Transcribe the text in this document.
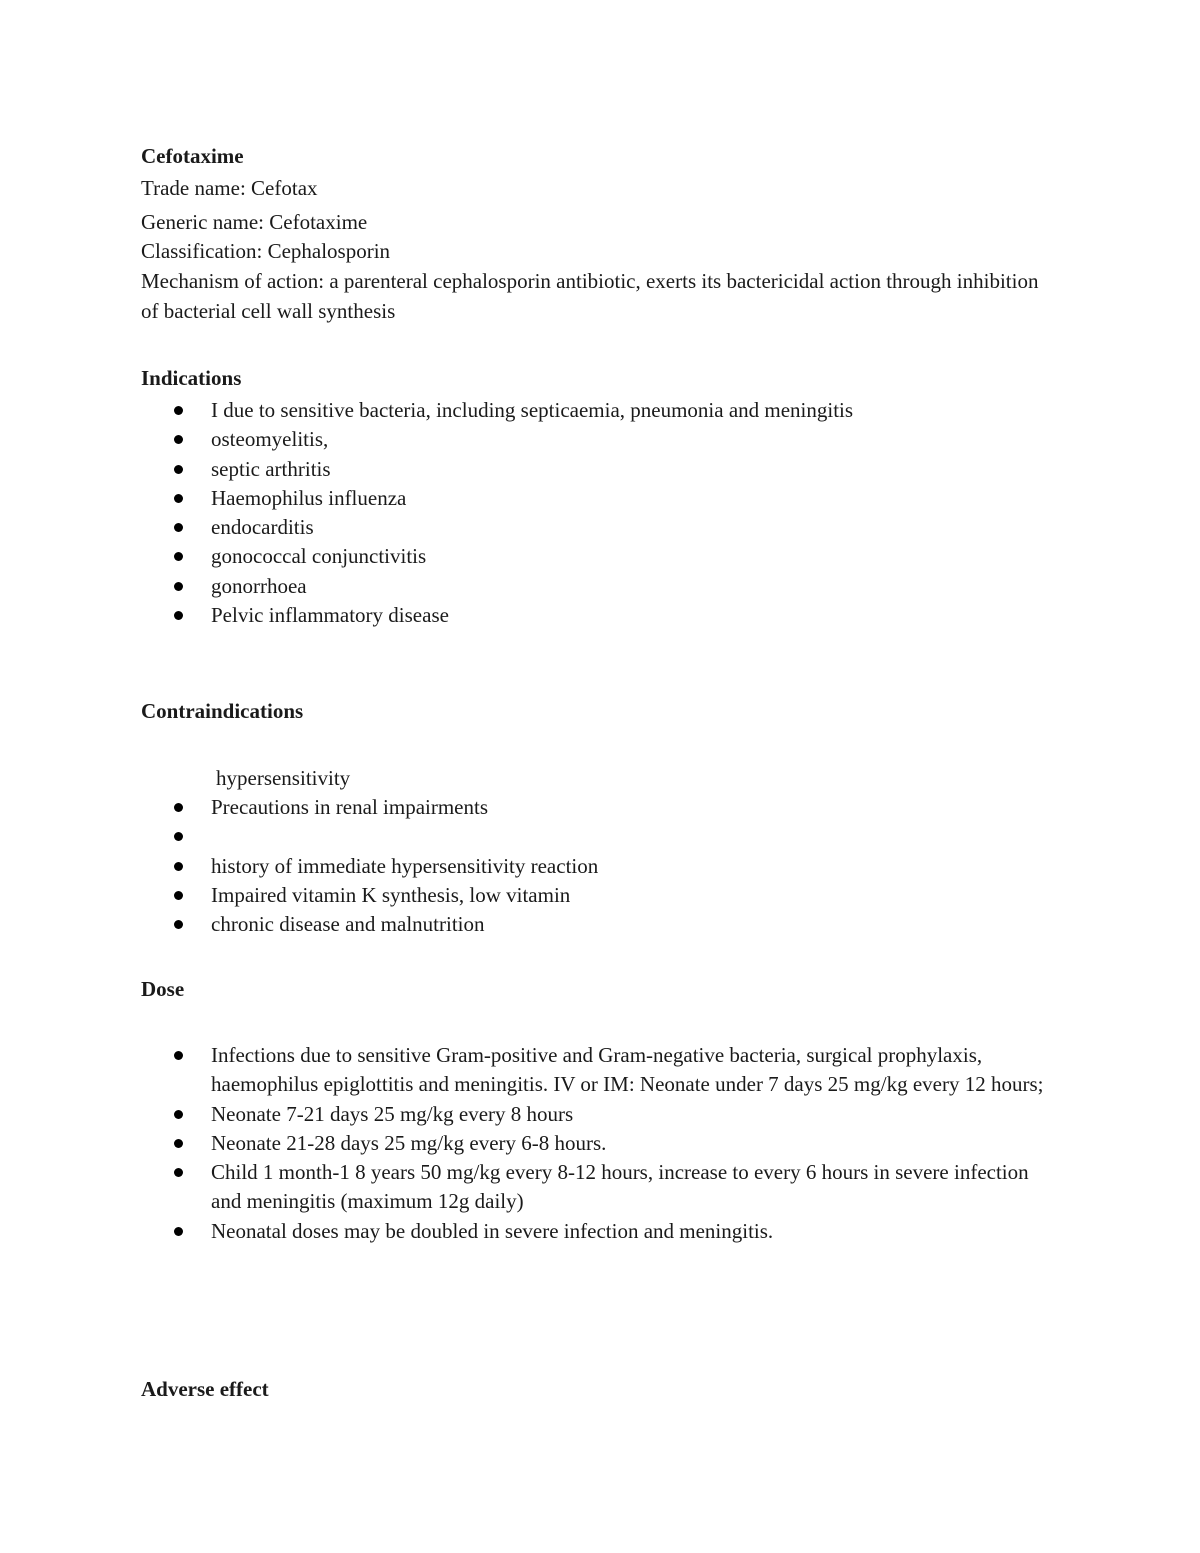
Cefotaxime
Trade name: Cefotax
Generic name: Cefotaxime
Classification: Cephalosporin
Mechanism of action: a parenteral cephalosporin antibiotic, exerts its bactericidal action through inhibition of bacterial cell wall synthesis
Indications
I due to sensitive bacteria, including septicaemia, pneumonia and meningitis
osteomyelitis,
septic arthritis
Haemophilus influenza
endocarditis
gonococcal conjunctivitis
gonorrhoea
Pelvic inflammatory disease
Contraindications
hypersensitivity
Precautions in renal impairments
history of immediate hypersensitivity reaction
Impaired vitamin K synthesis, low vitamin
chronic disease and malnutrition
Dose
Infections due to sensitive Gram-positive and Gram-negative bacteria, surgical prophylaxis, haemophilus epiglottitis and meningitis. IV or IM: Neonate under 7 days 25 mg/kg every 12 hours;
Neonate 7-21 days 25 mg/kg every 8 hours
Neonate 21-28 days 25 mg/kg every 6-8 hours.
Child 1 month-1 8 years 50 mg/kg every 8-12 hours, increase to every 6 hours in severe infection and meningitis (maximum 12g daily)
Neonatal doses may be doubled in severe infection and meningitis.
Adverse effect
